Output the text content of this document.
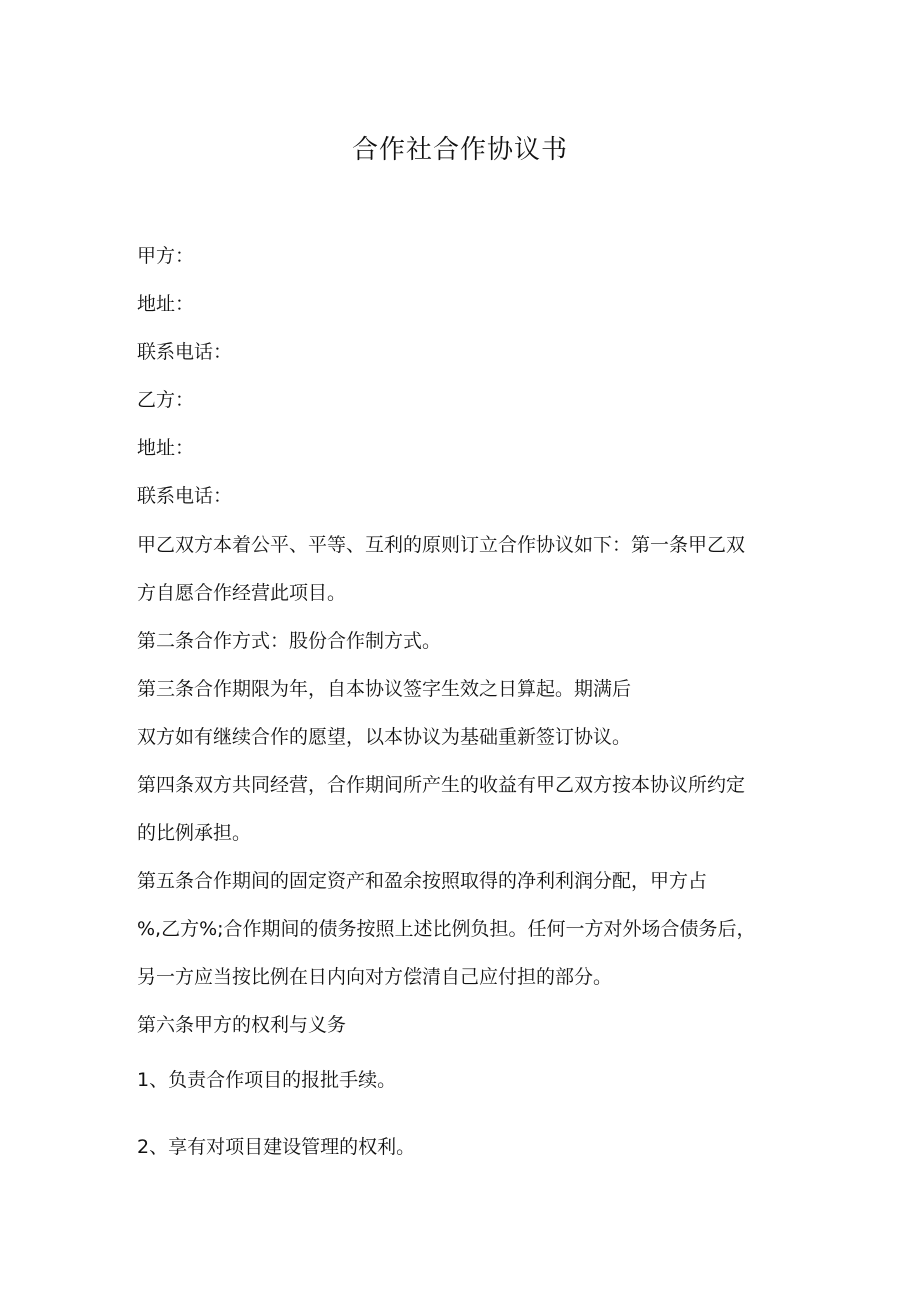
合作社合作协议书
甲方：
地址：
联系电话：
乙方：
地址：
联系电话：
甲乙双方本着公平、平等、互利的原则订立合作协议如下：第一条甲乙双
方自愿合作经营此项目。
第二条合作方式：股份合作制方式。
第三条合作期限为年，自本协议签字生效之日算起。期满后
双方如有继续合作的愿望，以本协议为基础重新签订协议。
第四条双方共同经营，合作期间所产生的收益有甲乙双方按本协议所约定
的比例承担。
第五条合作期间的固定资产和盈余按照取得的净利利润分配，甲方占
%,乙方%;合作期间的债务按照上述比例负担。任何一方对外场合债务后，
另一方应当按比例在日内向对方偿清自己应付担的部分。
第六条甲方的权利与义务
1、负责合作项目的报批手续。
2、享有对项目建设管理的权利。
